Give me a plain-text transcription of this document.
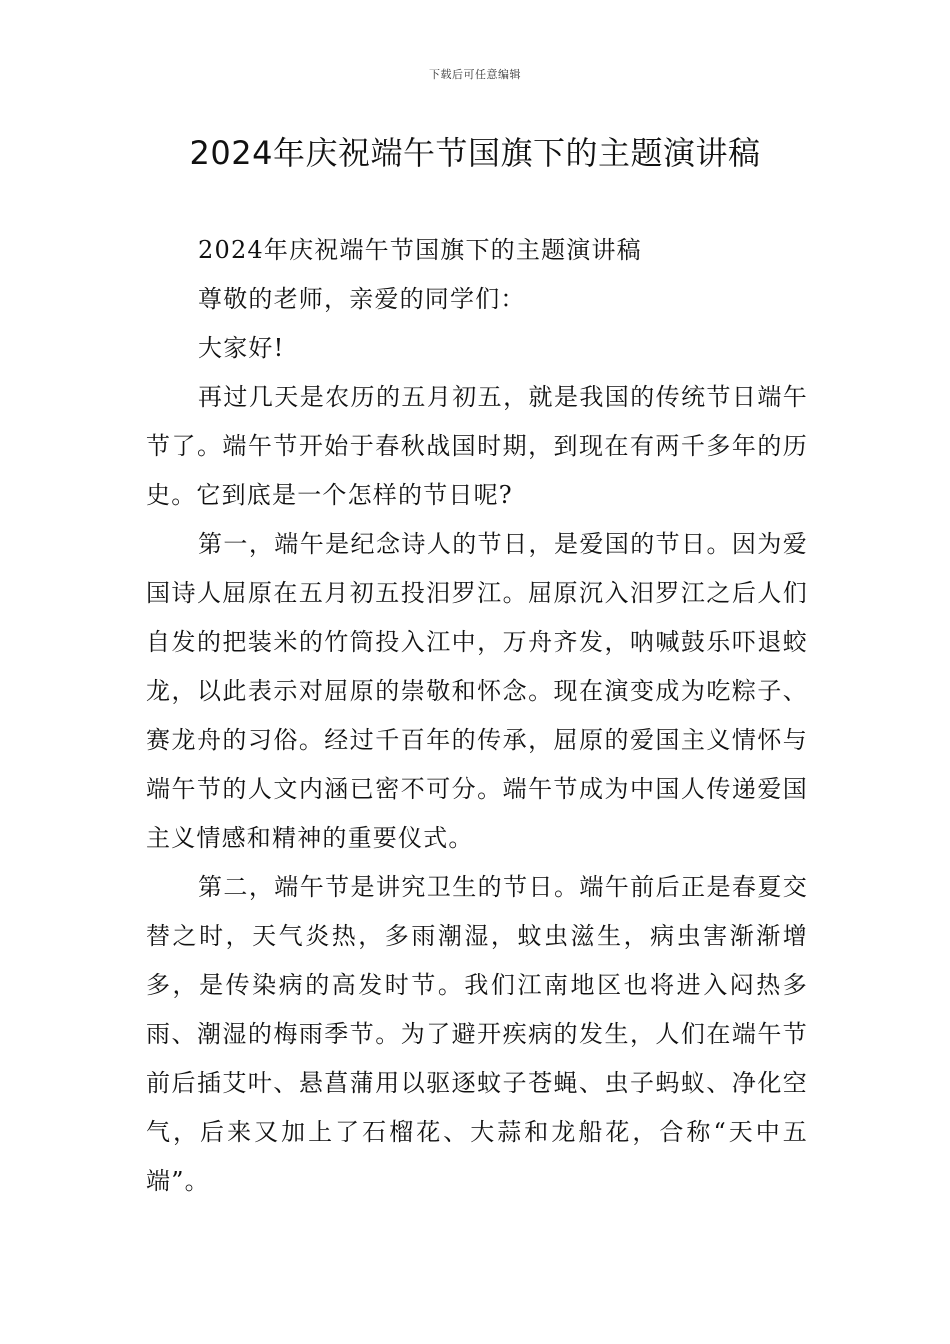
下载后可任意编辑
2024年庆祝端午节国旗下的主题演讲稿

2024年庆祝端午节国旗下的主题演讲稿

尊敬的老师，亲爱的同学们：

大家好!

再过几天是农历的五月初五，就是我国的传统节日端午节了。端午节开始于春秋战国时期，到现在有两千多年的历史。它到底是一个怎样的节日呢?

第一，端午是纪念诗人的节日，是爱国的节日。因为爱国诗人屈原在五月初五投汨罗江。屈原沉入汨罗江之后人们自发的把装米的竹筒投入江中，万舟齐发，呐喊鼓乐吓退蛟龙，以此表示对屈原的崇敬和怀念。现在演变成为吃粽子、赛龙舟的习俗。经过千百年的传承，屈原的爱国主义情怀与端午节的人文内涵已密不可分。端午节成为中国人传递爱国主义情感和精神的重要仪式。

第二，端午节是讲究卫生的节日。端午前后正是春夏交替之时，天气炎热，多雨潮湿，蚊虫滋生，病虫害渐渐增多，是传染病的高发时节。我们江南地区也将进入闷热多雨、潮湿的梅雨季节。为了避开疾病的发生，人们在端午节前后插艾叶、悬菖蒲用以驱逐蚊子苍蝇、虫子蚂蚁、净化空气，后来又加上了石榴花、大蒜和龙船花，合称“天中五端”。
